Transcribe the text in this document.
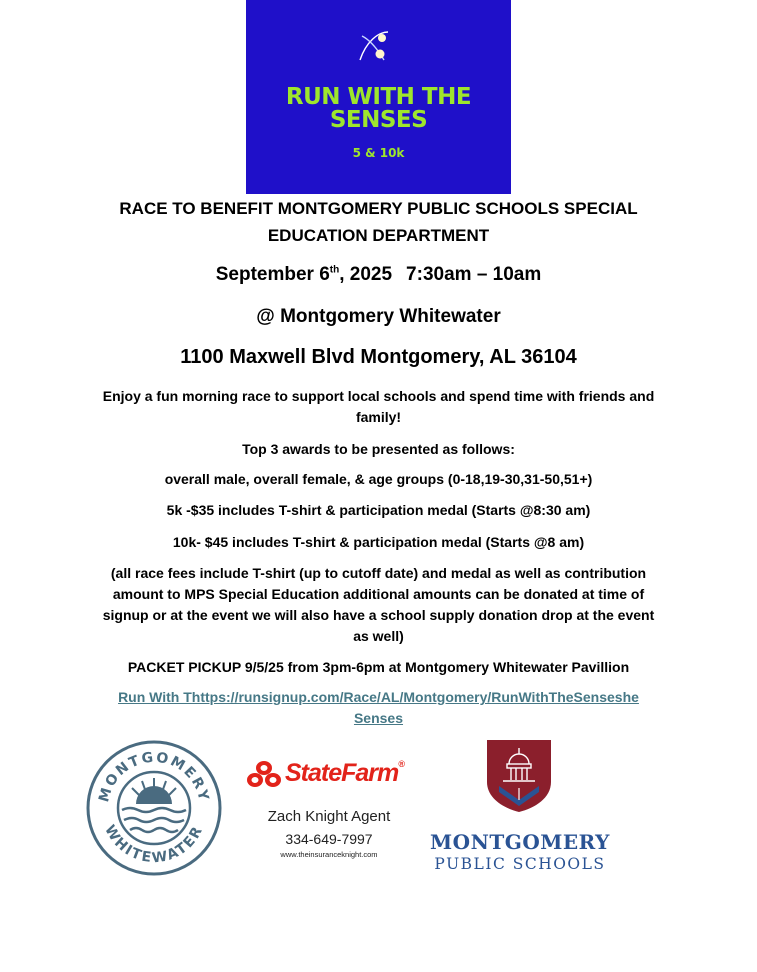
RUN WITH THE
SENSES
5 & 10k
RACE TO BENEFIT MONTGOMERY PUBLIC SCHOOLS SPECIAL
EDUCATION DEPARTMENT
September 6th, 2025 7:30am – 10am
@ Montgomery Whitewater
1100 Maxwell Blvd Montgomery, AL 36104
Enjoy a fun morning race to support local schools and spend time with friends and
family!
Top 3 awards to be presented as follows:
overall male, overall female, & age groups (0-18,19-30,31-50,51+)
5k -$35 includes T-shirt & participation medal (Starts @8:30 am)
10k- $45 includes T-shirt & participation medal (Starts @8 am)
(all race fees include T-shirt (up to cutoff date) and medal as well as contribution
amount to MPS Special Education additional amounts can be donated at time of
signup or at the event we will also have a school supply donation drop at the event
as well)
PACKET PICKUP 9/5/25 from 3pm-6pm at Montgomery Whitewater Pavillion
Run With Thttps://runsignup.com/Race/AL/Montgomery/RunWithTheSenseshe
Senses
MONTGOMERY
WHITEWATER
StateFarm®
Zach Knight Agent
334-649-7997
www.theinsuranceknight.com
MONTGOMERY
PUBLIC SCHOOLS
